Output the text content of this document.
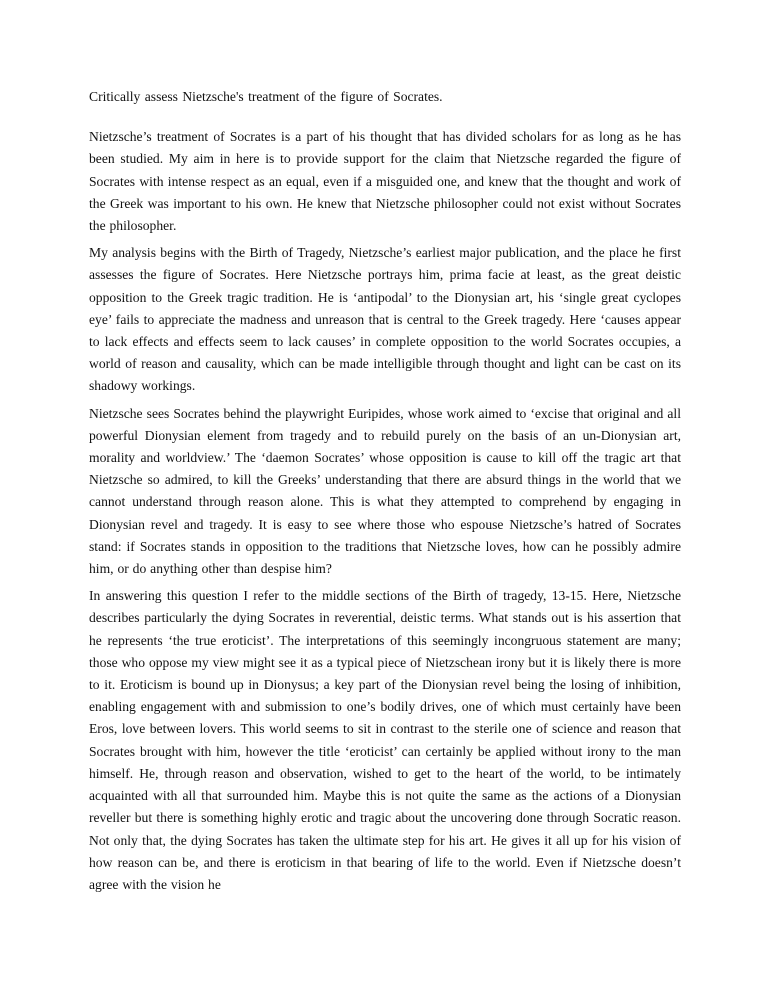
Critically assess Nietzsche's treatment of the figure of Socrates.

Nietzsche’s treatment of Socrates is a part of his thought that has divided scholars for as long as he has been studied. My aim in here is to provide support for the claim that Nietzsche regarded the figure of Socrates with intense respect as an equal, even if a misguided one, and knew that the thought and work of the Greek was important to his own. He knew that Nietzsche philosopher could not exist without Socrates the philosopher.

My analysis begins with the Birth of Tragedy, Nietzsche’s earliest major publication, and the place he first assesses the figure of Socrates. Here Nietzsche portrays him, prima facie at least, as the great deistic opposition to the Greek tragic tradition. He is ‘antipodal’ to the Dionysian art, his ‘single great cyclopes eye’ fails to appreciate the madness and unreason that is central to the Greek tragedy. Here ‘causes appear to lack effects and effects seem to lack causes’ in complete opposition to the world Socrates occupies, a world of reason and causality, which can be made intelligible through thought and light can be cast on its shadowy workings.

Nietzsche sees Socrates behind the playwright Euripides, whose work aimed to ‘excise that original and all powerful Dionysian element from tragedy and to rebuild purely on the basis of an un-Dionysian art, morality and worldview.’ The ‘daemon Socrates’ whose opposition is cause to kill off the tragic art that Nietzsche so admired, to kill the Greeks’ understanding that there are absurd things in the world that we cannot understand through reason alone. This is what they attempted to comprehend by engaging in Dionysian revel and tragedy. It is easy to see where those who espouse Nietzsche’s hatred of Socrates stand: if Socrates stands in opposition to the traditions that Nietzsche loves, how can he possibly admire him, or do anything other than despise him?

In answering this question I refer to the middle sections of the Birth of tragedy, 13-15. Here, Nietzsche describes particularly the dying Socrates in reverential, deistic terms. What stands out is his assertion that he represents ‘the true eroticist’. The interpretations of this seemingly incongruous statement are many; those who oppose my view might see it as a typical piece of Nietzschean irony but it is likely there is more to it. Eroticism is bound up in Dionysus; a key part of the Dionysian revel being the losing of inhibition, enabling engagement with and submission to one’s bodily drives, one of which must certainly have been Eros, love between lovers. This world seems to sit in contrast to the sterile one of science and reason that Socrates brought with him, however the title ‘eroticist’ can certainly be applied without irony to the man himself. He, through reason and observation, wished to get to the heart of the world, to be intimately acquainted with all that surrounded him. Maybe this is not quite the same as the actions of a Dionysian reveller but there is something highly erotic and tragic about the uncovering done through Socratic reason. Not only that, the dying Socrates has taken the ultimate step for his art. He gives it all up for his vision of how reason can be, and there is eroticism in that bearing of life to the world. Even if Nietzsche doesn’t agree with the vision he
